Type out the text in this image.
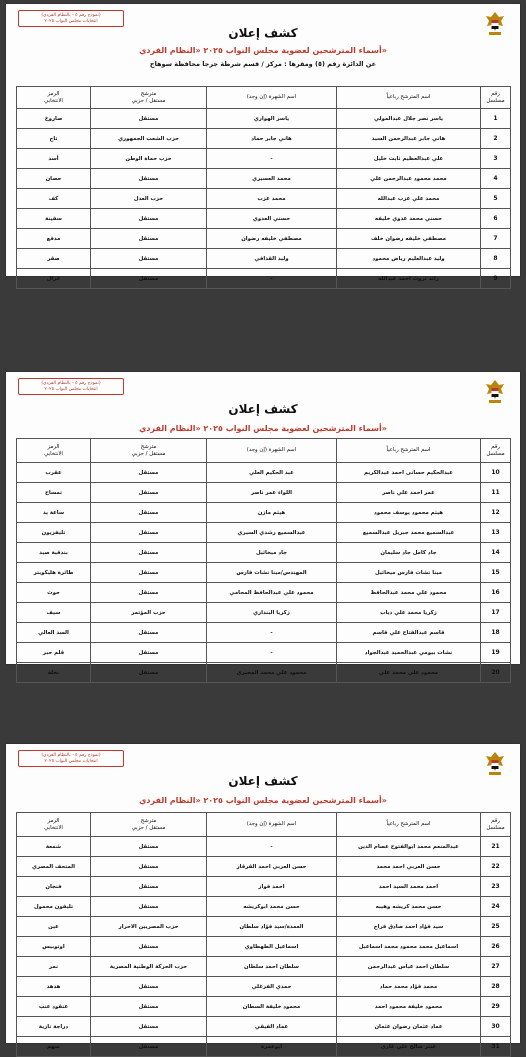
(نموذج رقم ٥ - بالنظام الفردي)
انتخابات مجلس النواب ٢٠٢٥
كشف إعلان
أسماء المترشحين لعضوية مجلس النواب ٢٠٢٥ «النظام الفردي»
عن الدائرة رقم (٥) ومقرها : مركز / قسم شرطة جرجا محافظة سوهاج
رقم
مسلسل	اسم المترشح رباعياً	اسم الشهرة (إن وجد)	مترشح
مستقل / حزبي	الرمز
الانتخابي
1	ياسر نصر جلال عبدالمولي	ياسر الهواري	مستقل	صاروخ
2	هاني جابر عبدالرحمن السيد	هاني جابر حماد	حزب الشعب الجمهوري	تاج
3	علي عبدالعظيم ثابت خليل	-	حزب حماة الوطن	أسد
4	محمد محمود عبدالرحمن علي	محمد العسيري	مستقل	حصان
5	محمد علي عزب عبدالله	محمد عزب	حزب العدل	كف
6	حسني محمد عدوي خليفه	حسني العدوي	مستقل	سفينة
7	مصطفي خليفه رضوان خلف	مصطفي خليفه رضوان	مستقل	مدفع
8	وليد عبدالعليم رياض محمود	وليد القذافي	مستقل	صقر
9	رائد ثروت احمد عبدالله	-	مستقل	غزال
(نموذج رقم ٥ - بالنظام الفردي)
انتخابات مجلس النواب ٢٠٢٥
كشف إعلان
أسماء المترشحين لعضوية مجلس النواب ٢٠٢٥ «النظام الفردي»
رقم
مسلسل	اسم المترشح رباعياً	اسم الشهرة (إن وجد)	مترشح
مستقل / حزبي	الرمز
الانتخابي
10	عبدالحكيم حسانى احمد عبدالكريم	عبد الحكيم العلي	مستقل	عقرب
11	عمر احمد علي ناصر	اللواء عمر ناصر	مستقل	تمساح
12	هيثم محمود يوسف محمود	هيثم مازن	مستقل	ساعة يد
13	عبدالسميع محمد جبريل عبدالسميع	عبدالسميع رشدي السيري	مستقل	تليفزيون
14	جاد كامل جاد سليمان	جاد ميخائيل	مستقل	بندقية صيد
15	مينا نشات فارس ميخائيل	المهندس/مينا نشات فارس	مستقل	طائرة هليكوبتر
16	محمود علي محمد عبدالحافظ	محمود علي عبدالحافظ المحامي	مستقل	حوت
17	زكريا محمد علي ذياب	زكريا البنداري	حزب المؤتمر	سيف
18	قاسم عبدالفتاح علي قاسم	-	مستقل	السد العالي
19	نشات بيومي عبدالحميد عبدالجواد	-	مستقل	قلم حبر
20	محمود علي محمد علي	محمود علي محمد المجيري	مستقل	نخلة
(نموذج رقم ٥ - بالنظام الفردي)
انتخابات مجلس النواب ٢٠٢٥
كشف إعلان
أسماء المترشحين لعضوية مجلس النواب ٢٠٢٥ «النظام الفردي»
رقم
مسلسل	اسم المترشح رباعياً	اسم الشهرة (إن وجد)	مترشح
مستقل / حزبي	الرمز
الانتخابي
21	عبدالمنعم محمد ابوالفتوح عصام الدين	-	مستقل	شمعة
22	حسن العربي احمد محمد	حسن العربي احمد القرقار	مستقل	المتحف المصري
23	احمد محمد السيد احمد	احمد فواز	مستقل	فنجان
24	حسن محمد كريشه وهيبه	حسن محمد ابوكريشه	مستقل	تليفون محمول
25	سيد فؤاد احمد صادق فراج	العمدة/سيد فؤاد سلطان	حزب المصريين الاحرار	عين
26	اسماعيل محمد محمود محمد اسماعيل	اسماعيل الطهطاوي	مستقل	اوتوبيس
27	سلطان احمد عباس عبدالرحمن	سلطان احمد سلطان	حزب الحركة الوطنية المصرية	نمر
28	محمد فؤاد محمد حماد	حمدي الفرغلي	مستقل	هدهد
29	محمود خليفة محمود احمد	محمود خليفة السطان	مستقل	عنقود عنب
30	عماد عثمان رضوان عثمان	عماد الفيقي	مستقل	دراجة نارية
31	عنتر صالح علي غازي	ابوعمرة	مستقل	سهم
